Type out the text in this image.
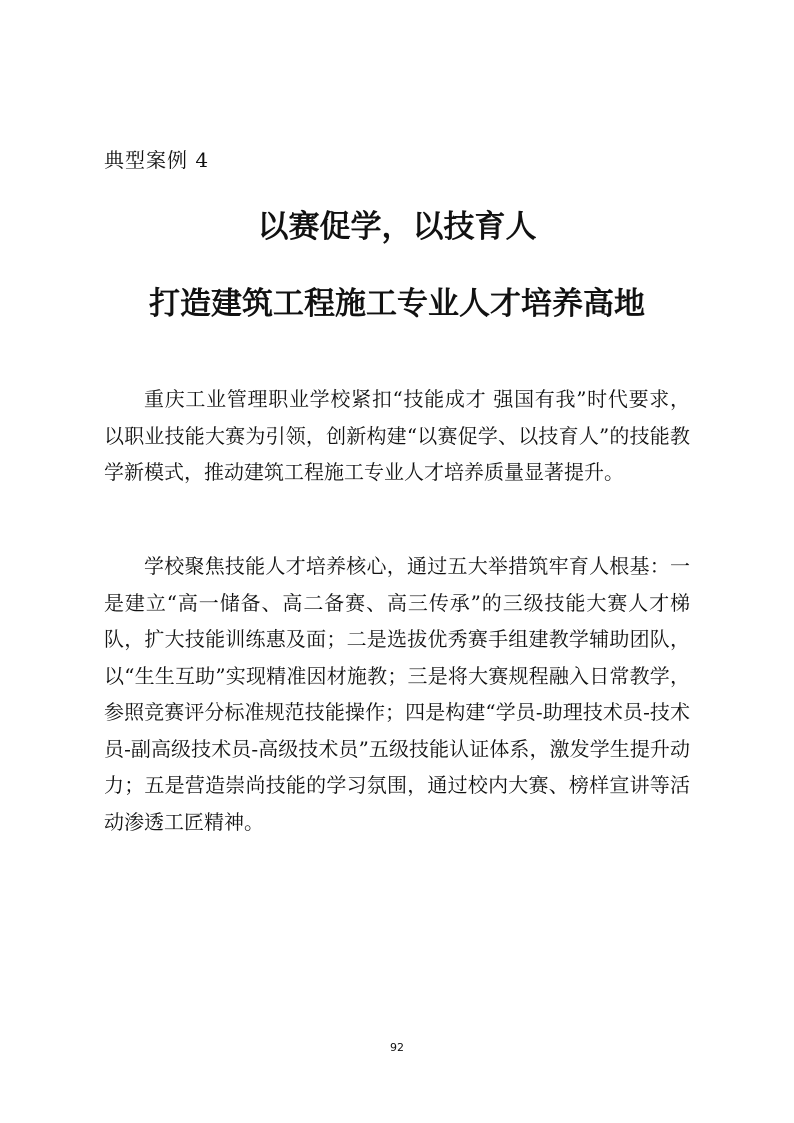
典型案例 4
以赛促学，以技育人
打造建筑工程施工专业人才培养高地

重庆工业管理职业学校紧扣“技能成才 强国有我”时代要求，以职业技能大赛为引领，创新构建“以赛促学、以技育人”的技能教学新模式，推动建筑工程施工专业人才培养质量显著提升。

学校聚焦技能人才培养核心，通过五大举措筑牢育人根基：一是建立“高一储备、高二备赛、高三传承”的三级技能大赛人才梯队，扩大技能训练惠及面；二是选拔优秀赛手组建教学辅助团队，以“生生互助”实现精准因材施教；三是将大赛规程融入日常教学，参照竞赛评分标准规范技能操作；四是构建“学员-助理技术员-技术员-副高级技术员-高级技术员”五级技能认证体系，激发学生提升动力；五是营造崇尚技能的学习氛围，通过校内大赛、榜样宣讲等活动渗透工匠精神。

92
